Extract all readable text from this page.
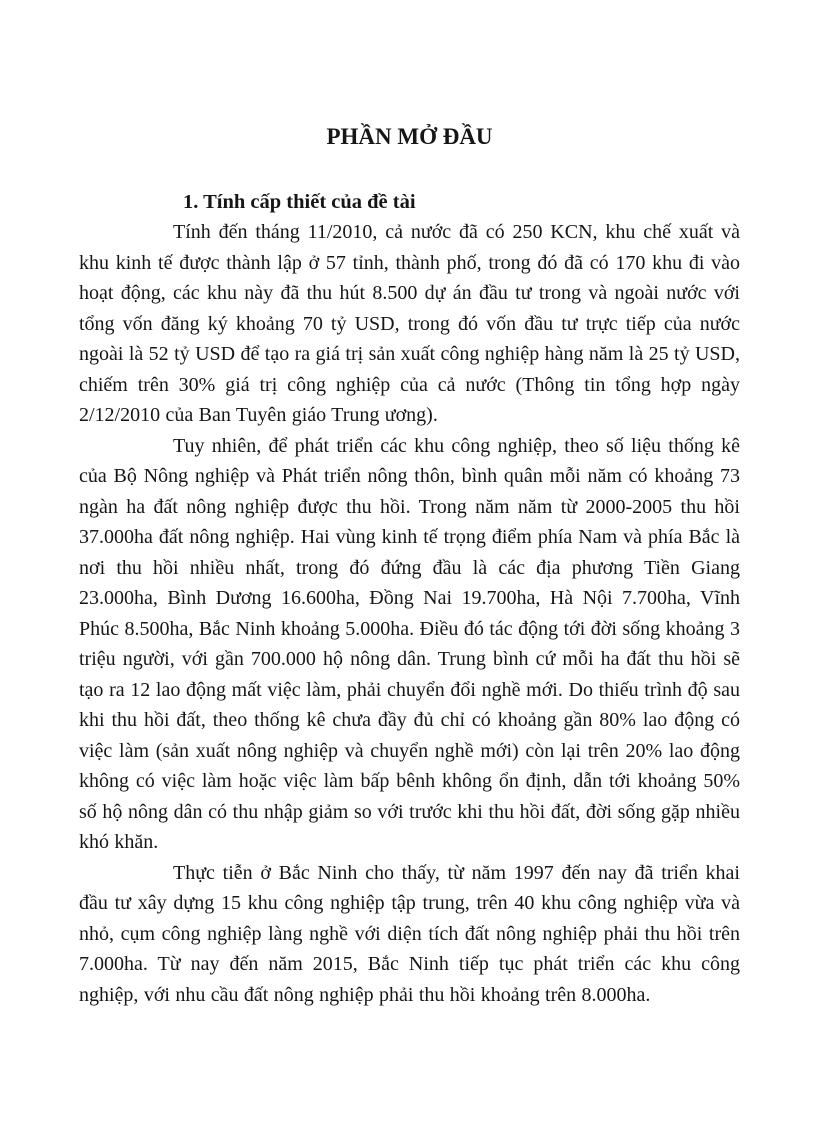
PHẦN MỞ ĐẦU
1. Tính cấp thiết của đề tài

Tính đến tháng 11/2010, cả nước đã có 250 KCN, khu chế xuất và khu kinh tế được thành lập ở 57 tỉnh, thành phố, trong đó đã có 170 khu đi vào hoạt động, các khu này đã thu hút 8.500 dự án đầu tư trong và ngoài nước với tổng vốn đăng ký khoảng 70 tỷ USD, trong đó vốn đầu tư trực tiếp của nước ngoài là 52 tỷ USD để tạo ra giá trị sản xuất công nghiệp hàng năm là 25 tỷ USD, chiếm trên 30% giá trị công nghiệp của cả nước (Thông tin tổng hợp ngày 2/12/2010 của Ban Tuyên giáo Trung ương).

Tuy nhiên, để phát triển các khu công nghiệp, theo số liệu thống kê của Bộ Nông nghiệp và Phát triển nông thôn, bình quân mỗi năm có khoảng 73 ngàn ha đất nông nghiệp được thu hồi. Trong năm năm từ 2000-2005 thu hồi 37.000ha đất nông nghiệp. Hai vùng kinh tế trọng điểm phía Nam và phía Bắc là nơi thu hồi nhiều nhất, trong đó đứng đầu là các địa phương Tiền Giang 23.000ha, Bình Dương 16.600ha, Đồng Nai 19.700ha, Hà Nội 7.700ha, Vĩnh Phúc 8.500ha, Bắc Ninh khoảng 5.000ha. Điều đó tác động tới đời sống khoảng 3 triệu người, với gần 700.000 hộ nông dân. Trung bình cứ mỗi ha đất thu hồi sẽ tạo ra 12 lao động mất việc làm, phải chuyển đổi nghề mới. Do thiếu trình độ sau khi thu hồi đất, theo thống kê chưa đầy đủ chỉ có khoảng gần 80% lao động có việc làm (sản xuất nông nghiệp và chuyển nghề mới) còn lại trên 20% lao động không có việc làm hoặc việc làm bấp bênh không ổn định, dẫn tới khoảng 50% số hộ nông dân có thu nhập giảm so với trước khi thu hồi đất, đời sống gặp nhiều khó khăn.

Thực tiễn ở Bắc Ninh cho thấy, từ năm 1997 đến nay đã triển khai đầu tư xây dựng 15 khu công nghiệp tập trung, trên 40 khu công nghiệp vừa và nhỏ, cụm công nghiệp làng nghề với diện tích đất nông nghiệp phải thu hồi trên 7.000ha. Từ nay đến năm 2015, Bắc Ninh tiếp tục phát triển các khu công nghiệp, với nhu cầu đất nông nghiệp phải thu hồi khoảng trên 8.000ha.
